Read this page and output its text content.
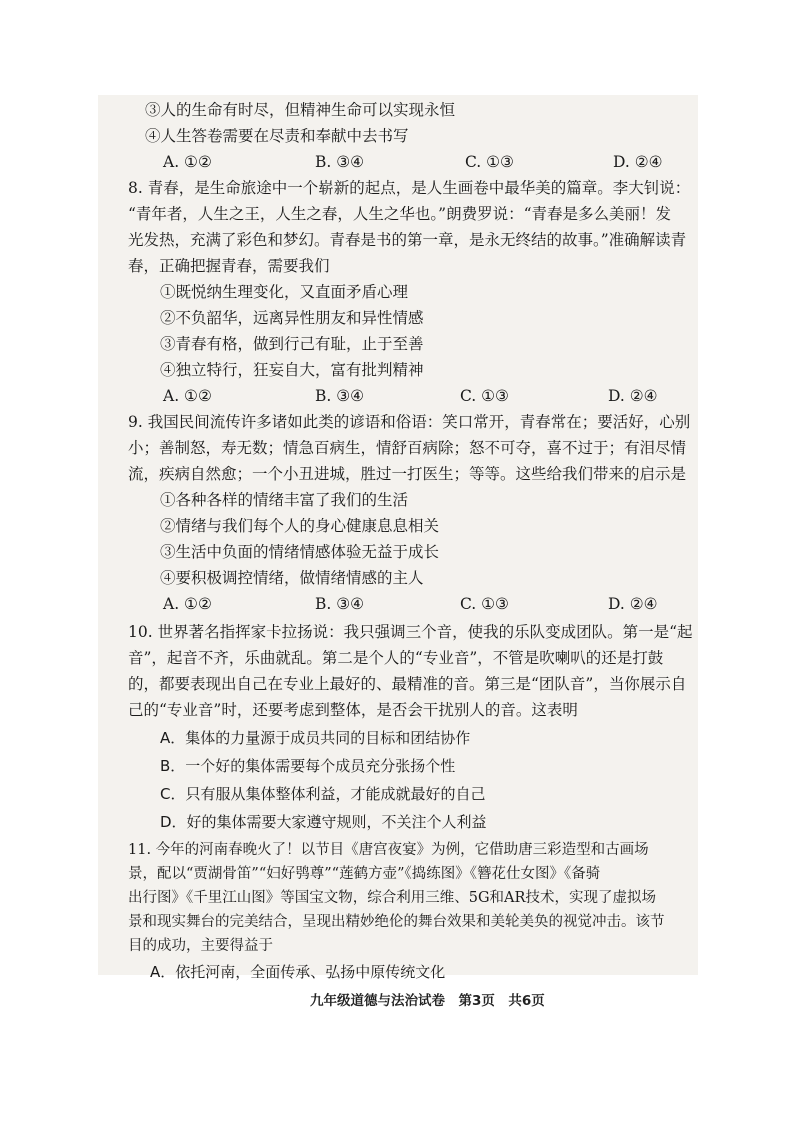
③人的生命有时尽，但精神生命可以实现永恒
④人生答卷需要在尽责和奉献中去书写
A. ①②	B. ③④	C. ①③	D. ②④
8. 青春，是生命旅途中一个崭新的起点，是人生画卷中最华美的篇章。李大钊说：
“青年者，人生之王，人生之春，人生之华也。”朗费罗说：“青春是多么美丽！发
光发热，充满了彩色和梦幻。青春是书的第一章，是永无终结的故事。”准确解读青
春，正确把握青春，需要我们
①既悦纳生理变化，又直面矛盾心理
②不负韶华，远离异性朋友和异性情感
③青春有格，做到行己有耻，止于至善
④独立特行，狂妄自大，富有批判精神
A. ①②	B. ③④	C. ①③	D. ②④
9. 我国民间流传许多诸如此类的谚语和俗语：笑口常开，青春常在；要活好，心别
小；善制怒，寿无数；情急百病生，情舒百病除；怒不可夺，喜不过于；有泪尽情
流，疾病自然愈；一个小丑进城，胜过一打医生；等等。这些给我们带来的启示是
①各种各样的情绪丰富了我们的生活
②情绪与我们每个人的身心健康息息相关
③生活中负面的情绪情感体验无益于成长
④要积极调控情绪，做情绪情感的主人
A. ①②	B. ③④	C. ①③	D. ②④
10. 世界著名指挥家卡拉扬说：我只强调三个音，使我的乐队变成团队。第一是“起
音”，起音不齐，乐曲就乱。第二是个人的“专业音”，不管是吹喇叭的还是打鼓
的，都要表现出自己在专业上最好的、最精准的音。第三是“团队音”，当你展示自
己的“专业音”时，还要考虑到整体，是否会干扰别人的音。这表明
A．集体的力量源于成员共同的目标和团结协作
B．一个好的集体需要每个成员充分张扬个性
C．只有服从集体整体利益，才能成就最好的自己
D．好的集体需要大家遵守规则，不关注个人利益
11. 今年的河南春晚火了！以节目《唐宫夜宴》为例，它借助唐三彩造型和古画场
景，配以“贾湖骨笛”“妇好鸮尊”“莲鹤方壶”《捣练图》《簪花仕女图》《备骑
出行图》《千里江山图》等国宝文物，综合利用三维、5G和AR技术，实现了虚拟场
景和现实舞台的完美结合，呈现出精妙绝伦的舞台效果和美轮美奂的视觉冲击。该节
目的成功，主要得益于
A．依托河南，全面传承、弘扬中原传统文化
九年级道德与法治试卷　第3页　共6页
